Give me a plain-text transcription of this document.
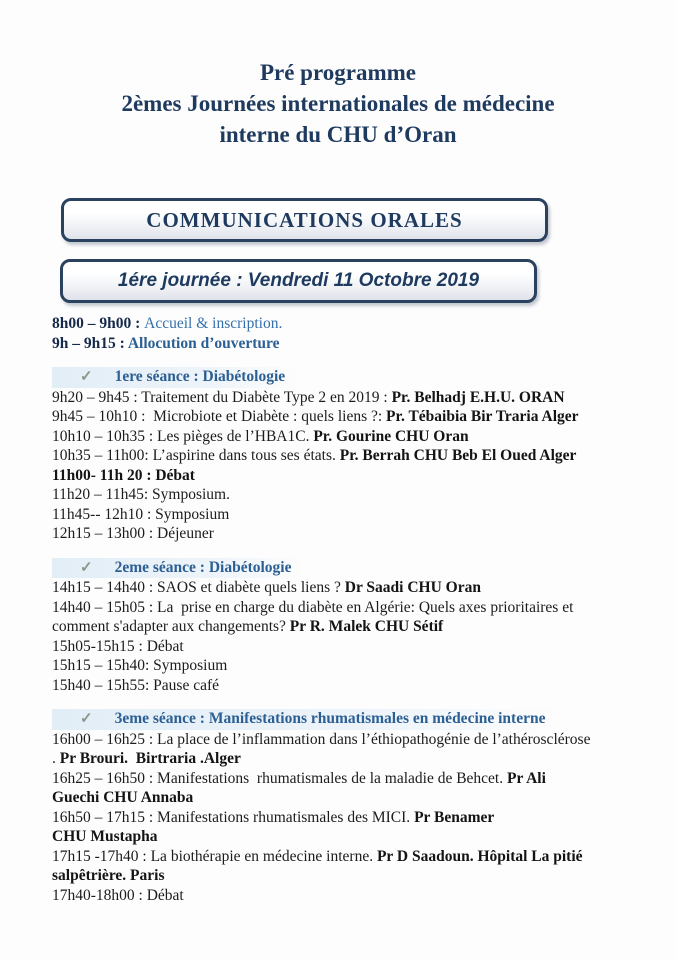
Pré programme
2èmes Journées internationales de médecine
interne du CHU d’Oran
COMMUNICATIONS ORALES
1ére journée : Vendredi 11 Octobre 2019
8h00 – 9h00 : Accueil & inscription.
9h – 9h15 : Allocution d’ouverture
✓ 1ere séance : Diabétologie
9h20 – 9h45 : Traitement du Diabète Type 2 en 2019 : Pr. Belhadj E.H.U. ORAN
9h45 – 10h10 :  Microbiote et Diabète : quels liens ?: Pr. Tébaibia Bir Traria Alger
10h10 – 10h35 : Les pièges de l’HBA1C. Pr. Gourine CHU Oran
10h35 – 11h00: L’aspirine dans tous ses états. Pr. Berrah CHU Beb El Oued Alger
11h00- 11h 20 : Débat
11h20 – 11h45: Symposium.
11h45-- 12h10 : Symposium
12h15 – 13h00 : Déjeuner
✓ 2eme séance : Diabétologie
14h15 – 14h40 : SAOS et diabète quels liens ? Dr Saadi CHU Oran
14h40 – 15h05 : La  prise en charge du diabète en Algérie: Quels axes prioritaires et
comment s'adapter aux changements? Pr R. Malek CHU Sétif
15h05-15h15 : Débat
15h15 – 15h40: Symposium
15h40 – 15h55: Pause café
✓ 3eme séance : Manifestations rhumatismales en médecine interne
16h00 – 16h25 : La place de l’inflammation dans l’éthiopathogénie de l’athérosclérose
. Pr Brouri.  Birtraria .Alger
16h25 – 16h50 : Manifestations  rhumatismales de la maladie de Behcet. Pr Ali
Guechi CHU Annaba
16h50 – 17h15 : Manifestations rhumatismales des MICI. Pr Benamer
CHU Mustapha
17h15 -17h40 : La biothérapie en médecine interne. Pr D Saadoun. Hôpital La pitié
salpêtrière. Paris
17h40-18h00 : Débat
